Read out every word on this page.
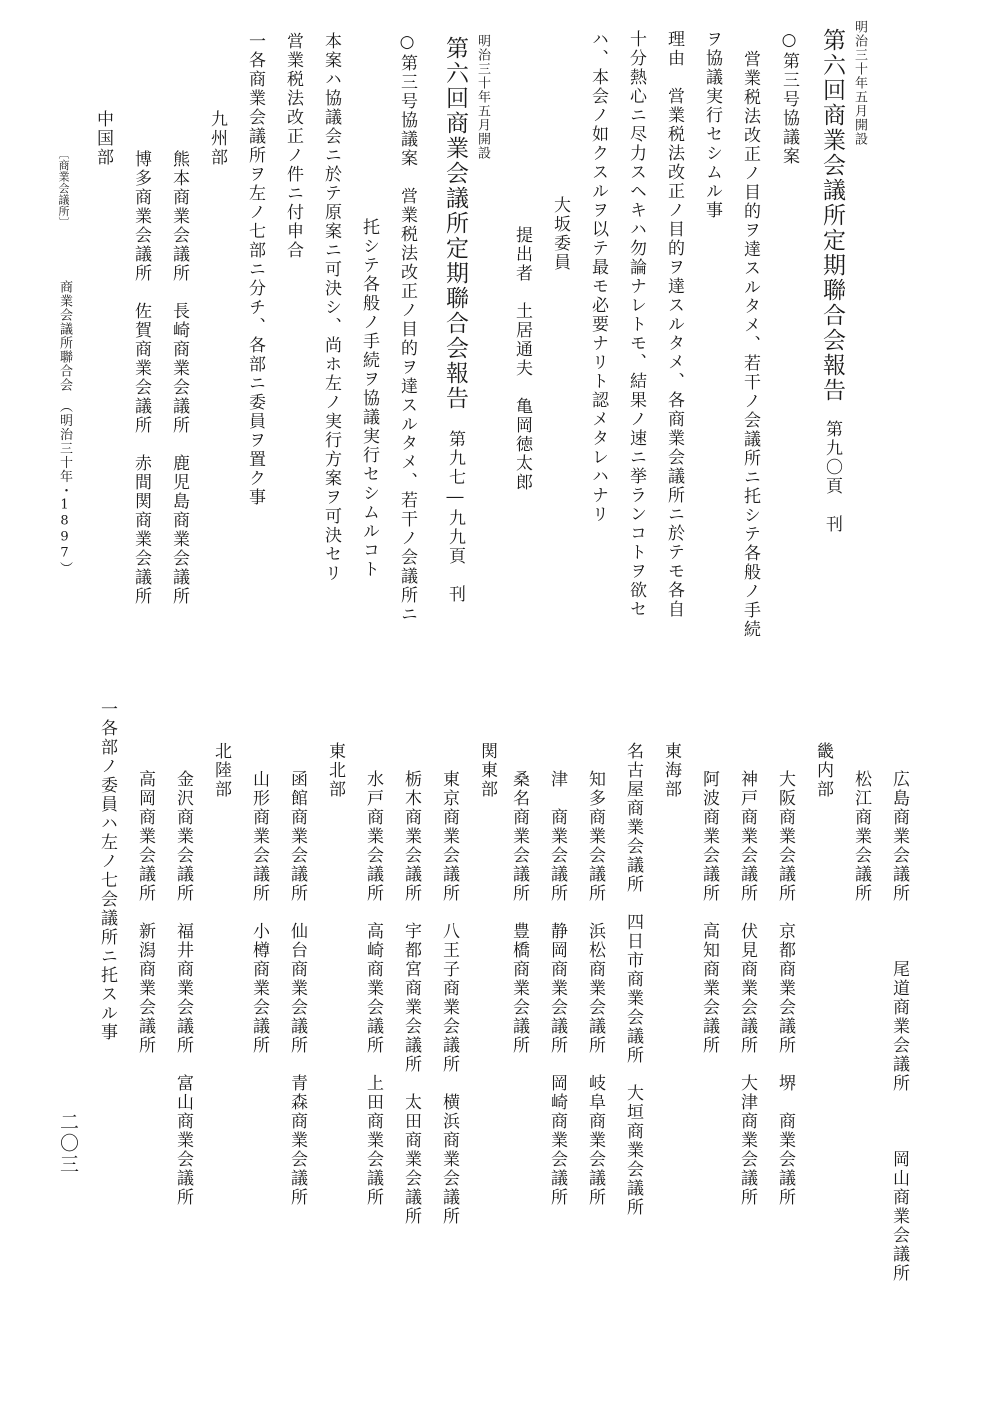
明治三十年五月開設
第六回商業会議所定期聯合会報告
第九〇頁　刊
○第三号協議案
営業税法改正ノ目的ヲ達スルタメ、若干ノ会議所ニ托シテ各般ノ手続
ヲ協議実行セシムル事
理由　営業税法改正ノ目的ヲ達スルタメ、各商業会議所ニ於テモ各自
十分熱心ニ尽力スヘキハ勿論ナレトモ、結果ノ速ニ挙ランコトヲ欲セ
ハ、本会ノ如クスルヲ以テ最モ必要ナリト認メタレハナリ
大坂委員
提出者　土居通夫　亀岡徳太郎
明治三十年五月開設
第六回商業会議所定期聯合会報告
第九七―九九頁　刊
○第三号協議案　営業税法改正ノ目的ヲ達スルタメ、若干ノ会議所ニ
托シテ各般ノ手続ヲ協議実行セシムルコト
本案ハ協議会ニ於テ原案ニ可決シ、尚ホ左ノ実行方案ヲ可決セリ
営業税法改正ノ件ニ付申合
一各商業会議所ヲ左ノ七部ニ分チ、各部ニ委員ヲ置ク事
九州部
熊本商業会議所　長崎商業会議所　鹿児島商業会議所
博多商業会議所　佐賀商業会議所　赤間関商業会議所
中国部
〔商業会議所〕
商業会議所聯合会　（明治三十年・1897）
広島商業会議所　　　尾道商業会議所　　　岡山商業会議所
松江商業会議所
畿内部
大阪商業会議所　京都商業会議所　堺　商業会議所
神戸商業会議所　伏見商業会議所　大津商業会議所
阿波商業会議所　高知商業会議所
東海部
名古屋商業会議所　四日市商業会議所　大垣商業会議所
知多商業会議所　浜松商業会議所　岐阜商業会議所
津　商業会議所　静岡商業会議所　岡崎商業会議所
桑名商業会議所　豊橋商業会議所
関東部
東京商業会議所　八王子商業会議所　横浜商業会議所
栃木商業会議所　宇都宮商業会議所　太田商業会議所
水戸商業会議所　高崎商業会議所　上田商業会議所
東北部
函館商業会議所　仙台商業会議所　青森商業会議所
山形商業会議所　小樽商業会議所
北陸部
金沢商業会議所　福井商業会議所　富山商業会議所
高岡商業会議所　新潟商業会議所
一各部ノ委員ハ左ノ七会議所ニ托スル事
二〇三
